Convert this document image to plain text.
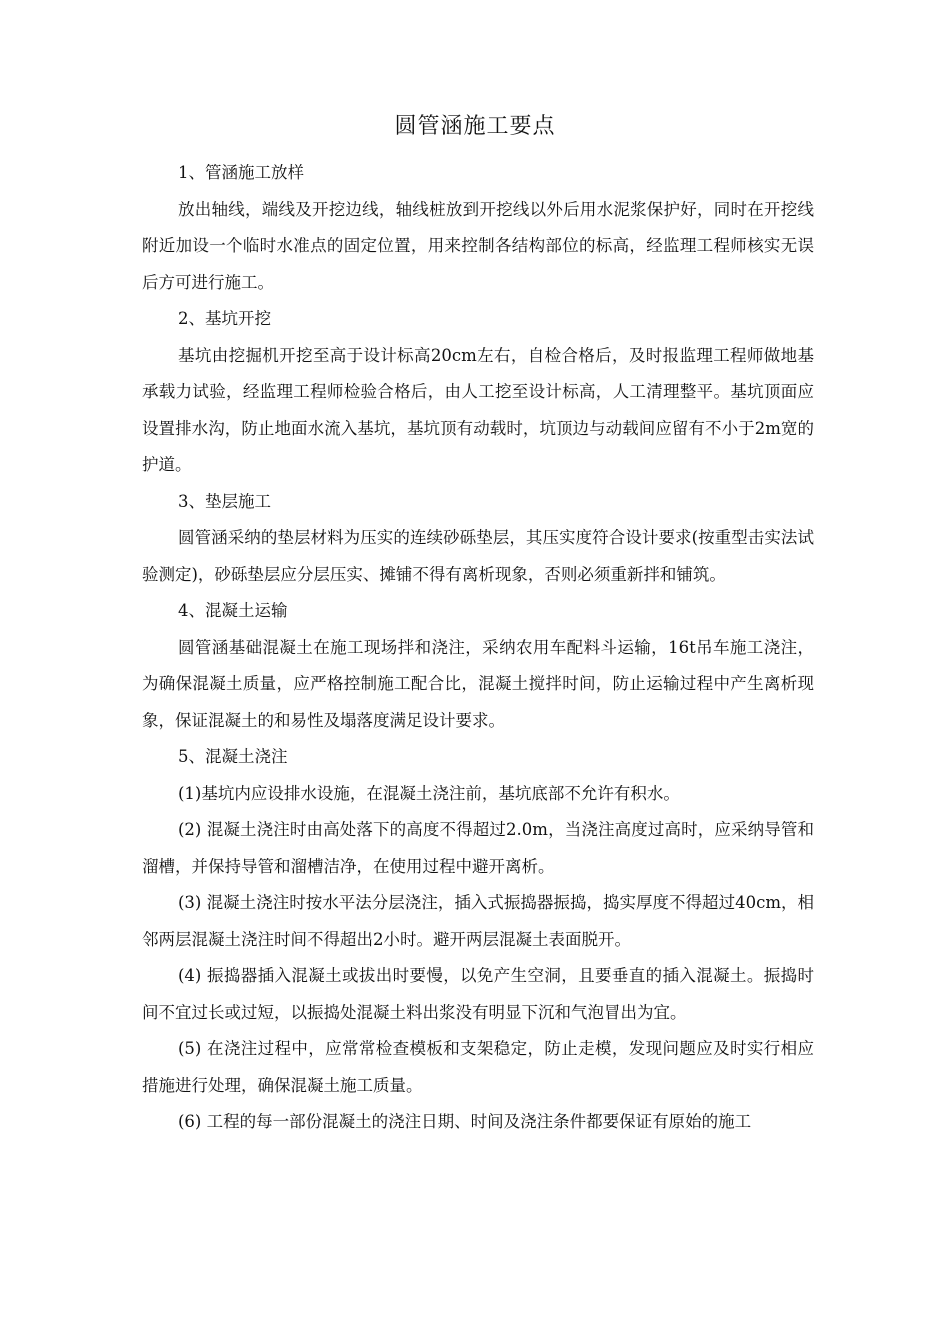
圆管涵施工要点

1、管涵施工放样

放出轴线，端线及开挖边线，轴线桩放到开挖线以外后用水泥浆保护好，同时在开挖线附近加设一个临时水准点的固定位置，用来控制各结构部位的标高，经监理工程师核实无误后方可进行施工。

2、基坑开挖

基坑由挖掘机开挖至高于设计标高20cm左右，自检合格后，及时报监理工程师做地基承载力试验，经监理工程师检验合格后，由人工挖至设计标高，人工清理整平。基坑顶面应设置排水沟，防止地面水流入基坑，基坑顶有动载时，坑顶边与动载间应留有不小于2m宽的护道。

3、垫层施工

圆管涵采纳的垫层材料为压实的连续砂砾垫层，其压实度符合设计要求(按重型击实法试验测定)，砂砾垫层应分层压实、摊铺不得有离析现象，否则必须重新拌和铺筑。

4、混凝土运输

圆管涵基础混凝土在施工现场拌和浇注，采纳农用车配料斗运输，16t吊车施工浇注，为确保混凝土质量，应严格控制施工配合比，混凝土搅拌时间，防止运输过程中产生离析现象，保证混凝土的和易性及塌落度满足设计要求。

5、混凝土浇注

(1)基坑内应设排水设施，在混凝土浇注前，基坑底部不允许有积水。

(2) 混凝土浇注时由高处落下的高度不得超过2.0m，当浇注高度过高时，应采纳导管和溜槽，并保持导管和溜槽洁净，在使用过程中避开离析。

(3) 混凝土浇注时按水平法分层浇注，插入式振捣器振捣，捣实厚度不得超过40cm，相邻两层混凝土浇注时间不得超出2小时。避开两层混凝土表面脱开。

(4) 振捣器插入混凝土或拔出时要慢，以免产生空洞，且要垂直的插入混凝土。振捣时间不宜过长或过短，以振捣处混凝土料出浆没有明显下沉和气泡冒出为宜。

(5) 在浇注过程中，应常常检查模板和支架稳定，防止走模，发现问题应及时实行相应措施进行处理，确保混凝土施工质量。

(6) 工程的每一部份混凝土的浇注日期、时间及浇注条件都要保证有原始的施工
